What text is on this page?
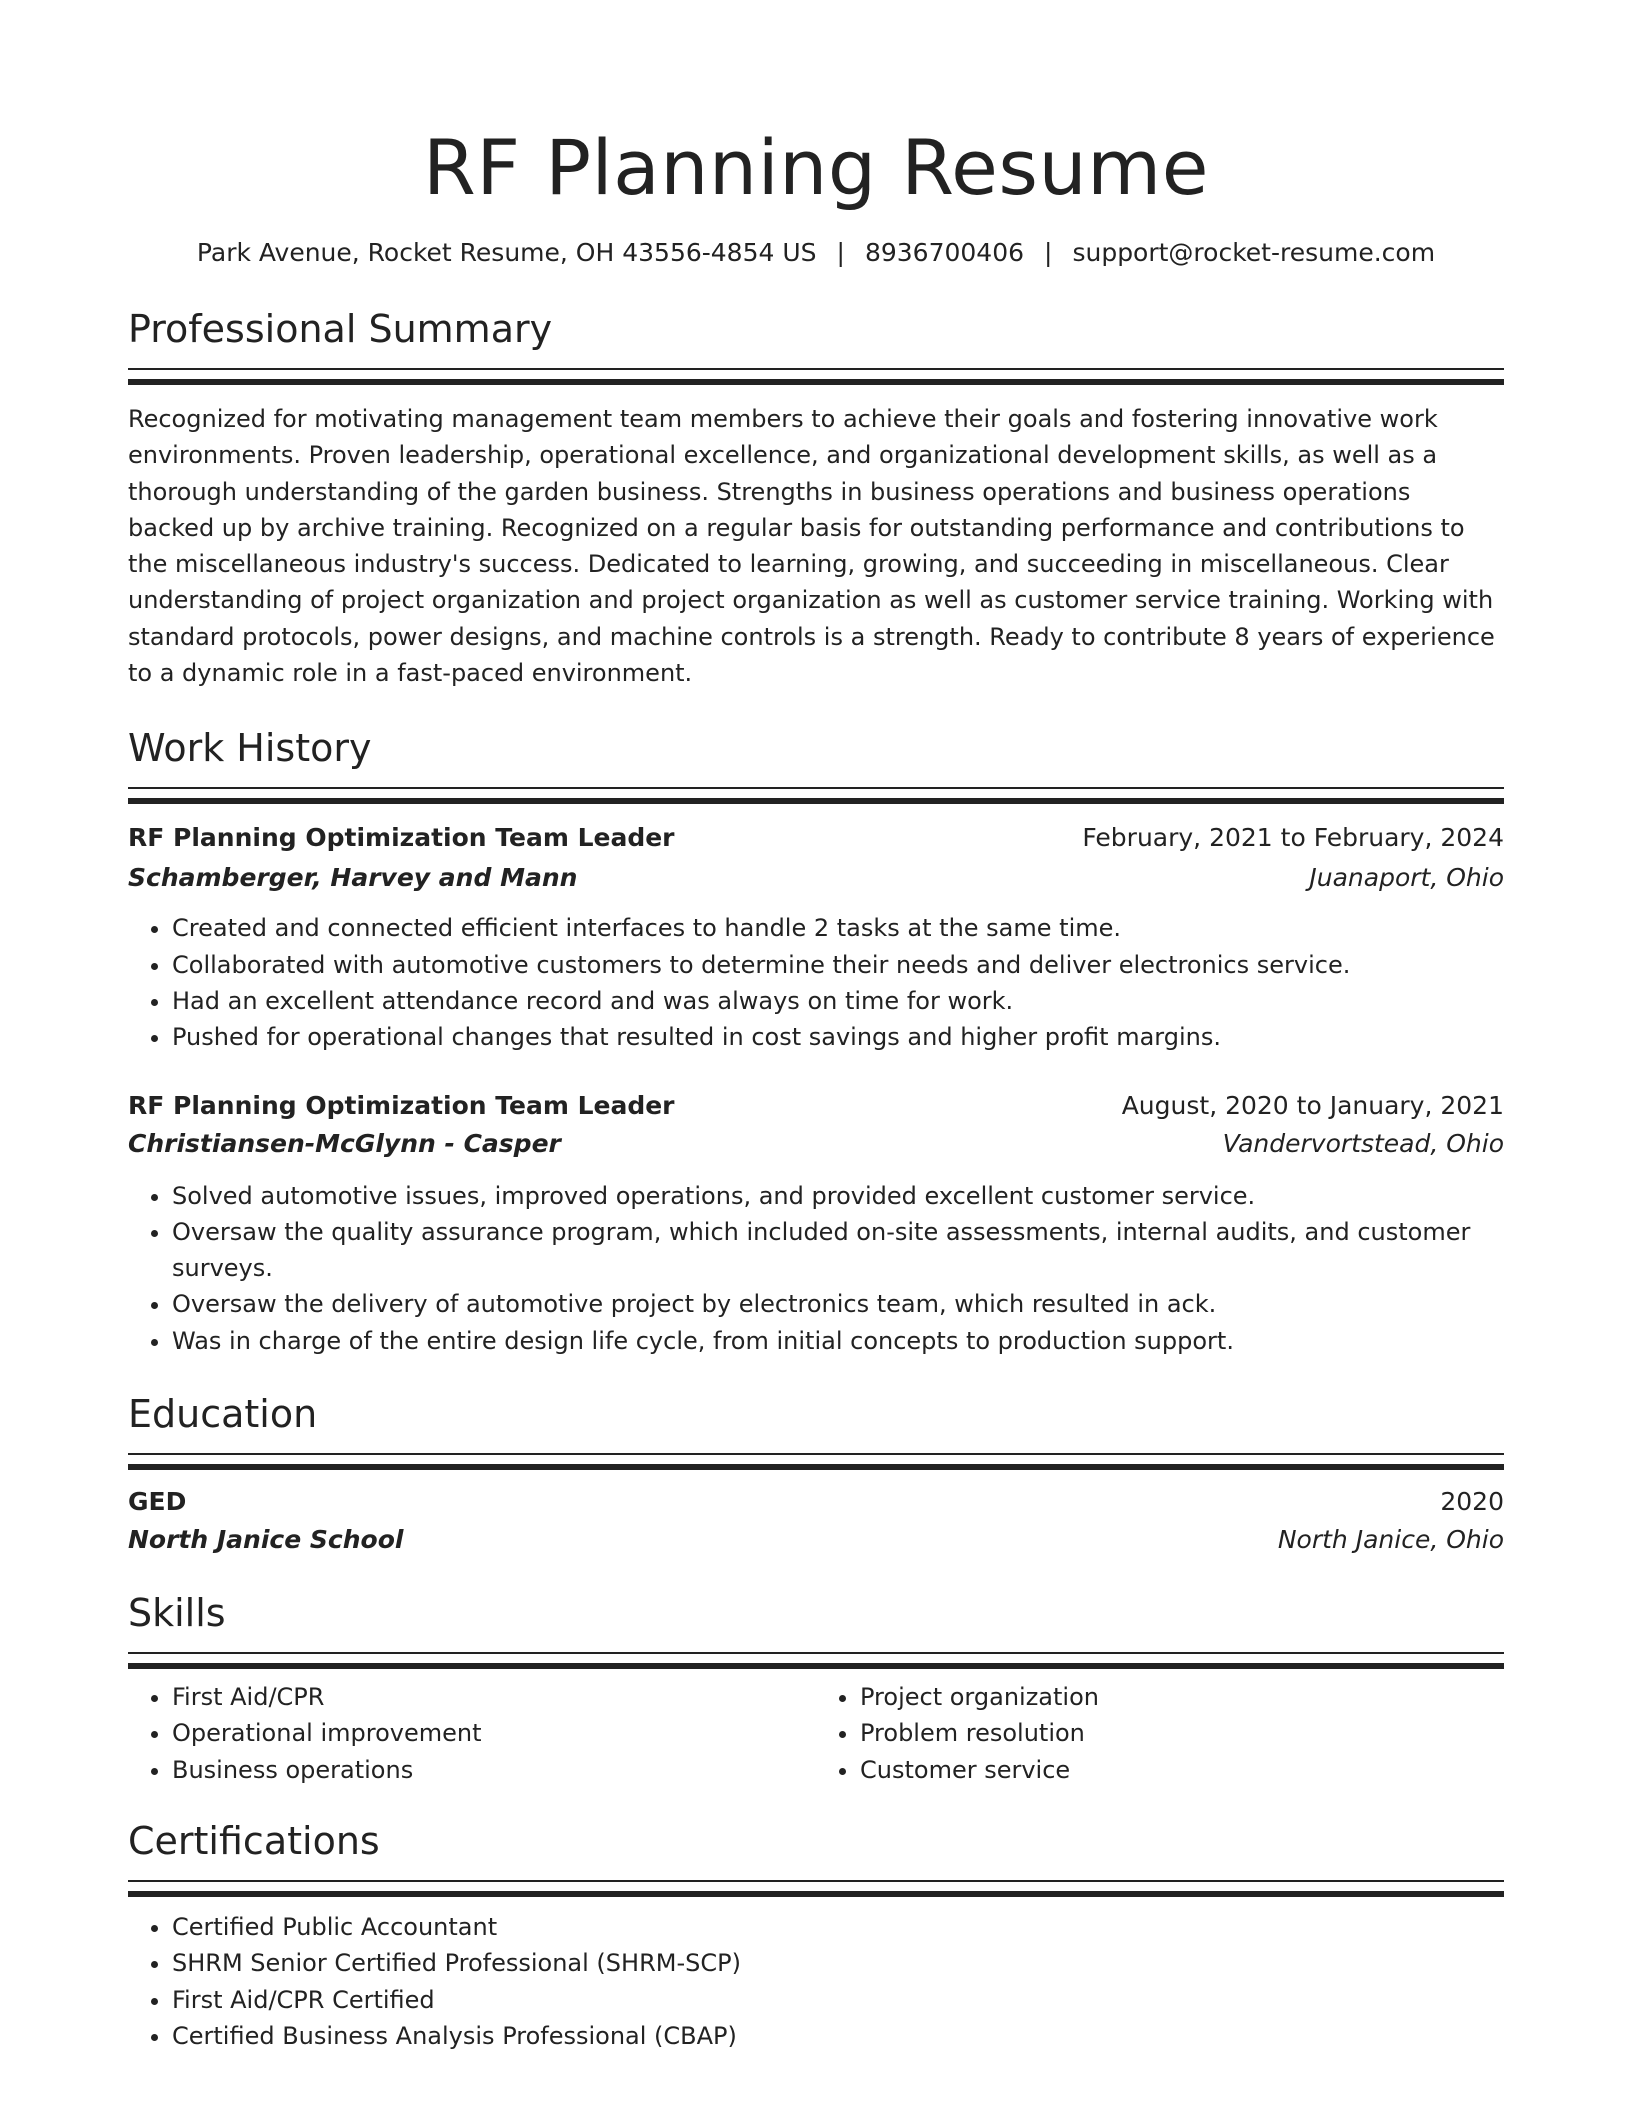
RF Planning Resume
Park Avenue, Rocket Resume, OH 43556-4854 US | 8936700406 | support@rocket-resume.com
Professional Summary
Recognized for motivating management team members to achieve their goals and fostering innovative work environments. Proven leadership, operational excellence, and organizational development skills, as well as a thorough understanding of the garden business. Strengths in business operations and business operations backed up by archive training. Recognized on a regular basis for outstanding performance and contributions to the miscellaneous industry's success. Dedicated to learning, growing, and succeeding in miscellaneous. Clear understanding of project organization and project organization as well as customer service training. Working with standard protocols, power designs, and machine controls is a strength. Ready to contribute 8 years of experience to a dynamic role in a fast-paced environment.
Work History
RF Planning Optimization Team Leader	February, 2021 to February, 2024
Schamberger, Harvey and Mann	Juanaport, Ohio
• Created and connected efficient interfaces to handle 2 tasks at the same time.
• Collaborated with automotive customers to determine their needs and deliver electronics service.
• Had an excellent attendance record and was always on time for work.
• Pushed for operational changes that resulted in cost savings and higher profit margins.
RF Planning Optimization Team Leader	August, 2020 to January, 2021
Christiansen-McGlynn - Casper	Vandervortstead, Ohio
• Solved automotive issues, improved operations, and provided excellent customer service.
• Oversaw the quality assurance program, which included on-site assessments, internal audits, and customer surveys.
• Oversaw the delivery of automotive project by electronics team, which resulted in ack.
• Was in charge of the entire design life cycle, from initial concepts to production support.
Education
GED	2020
North Janice School	North Janice, Ohio
Skills
• First Aid/CPR
• Operational improvement
• Business operations
• Project organization
• Problem resolution
• Customer service
Certifications
• Certified Public Accountant
• SHRM Senior Certified Professional (SHRM-SCP)
• First Aid/CPR Certified
• Certified Business Analysis Professional (CBAP)
